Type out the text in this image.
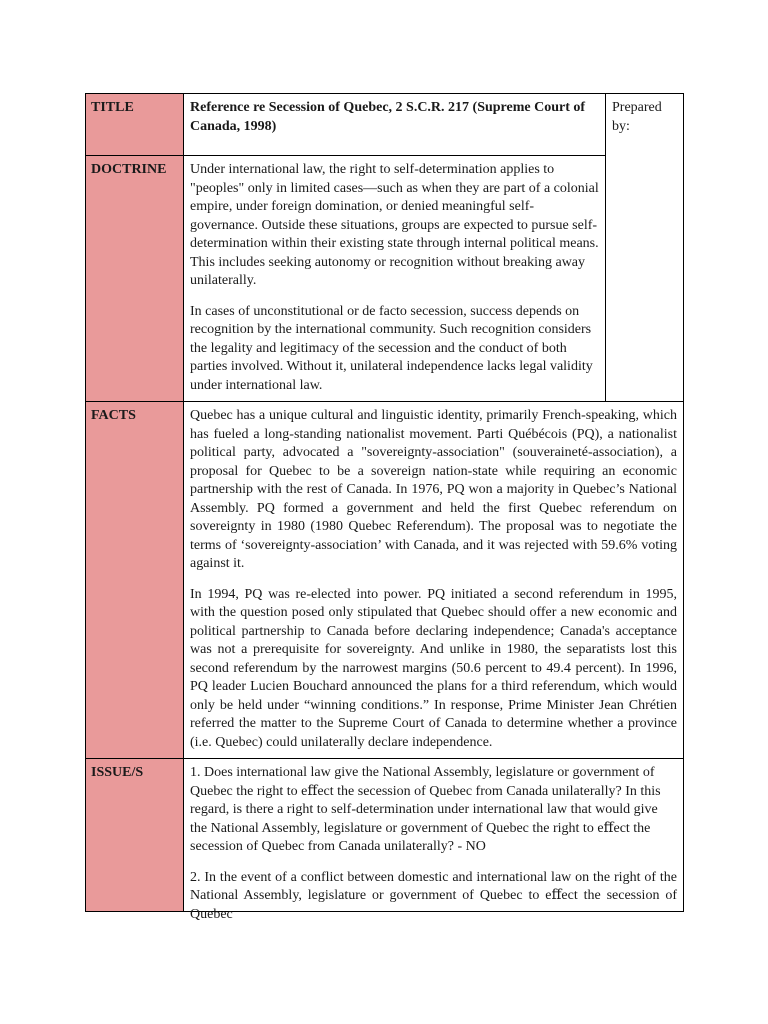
TITLE	Reference re Secession of Quebec, 2 S.C.R. 217 (Supreme Court of Canada, 1998)	Prepared by:
DOCTRINE	Under international law, the right to self-determination applies to "peoples" only in limited cases—such as when they are part of a colonial empire, under foreign domination, or denied meaningful self-governance. Outside these situations, groups are expected to pursue self-determination within their existing state through internal political means. This includes seeking autonomy or recognition without breaking away unilaterally.

In cases of unconstitutional or de facto secession, success depends on recognition by the international community. Such recognition considers the legality and legitimacy of the secession and the conduct of both parties involved. Without it, unilateral independence lacks legal validity under international law.	

FACTS	Quebec has a unique cultural and linguistic identity, primarily French-speaking, which has fueled a long-standing nationalist movement. Parti Québécois (PQ), a nationalist political party, advocated a "sovereignty-association" (souveraineté-association), a proposal for Quebec to be a sovereign nation-state while requiring an economic partnership with the rest of Canada. In 1976, PQ won a majority in Quebec’s National Assembly. PQ formed a government and held the first Quebec referendum on sovereignty in 1980 (1980 Quebec Referendum). The proposal was to negotiate the terms of ‘sovereignty-association’ with Canada, and it was rejected with 59.6% voting against it.

In 1994, PQ was re-elected into power. PQ initiated a second referendum in 1995, with the question posed only stipulated that Quebec should offer a new economic and political partnership to Canada before declaring independence; Canada's acceptance was not a prerequisite for sovereignty. And unlike in 1980, the separatists lost this second referendum by the narrowest margins (50.6 percent to 49.4 percent). In 1996, PQ leader Lucien Bouchard announced the plans for a third referendum, which would only be held under “winning conditions.” In response, Prime Minister Jean Chrétien referred the matter to the Supreme Court of Canada to determine whether a province (i.e. Quebec) could unilaterally declare independence.	

ISSUE/S	1. Does international law give the National Assembly, legislature or government of Quebec the right to eﬀect the secession of Quebec from Canada unilaterally? In this regard, is there a right to self-determination under international law that would give the National Assembly, legislature or government of Quebec the right to eﬀect the secession of Quebec from Canada unilaterally? - NO

2. In the event of a conflict between domestic and international law on the right of the National Assembly, legislature or government of Quebec to eﬀect the secession of Quebec	
